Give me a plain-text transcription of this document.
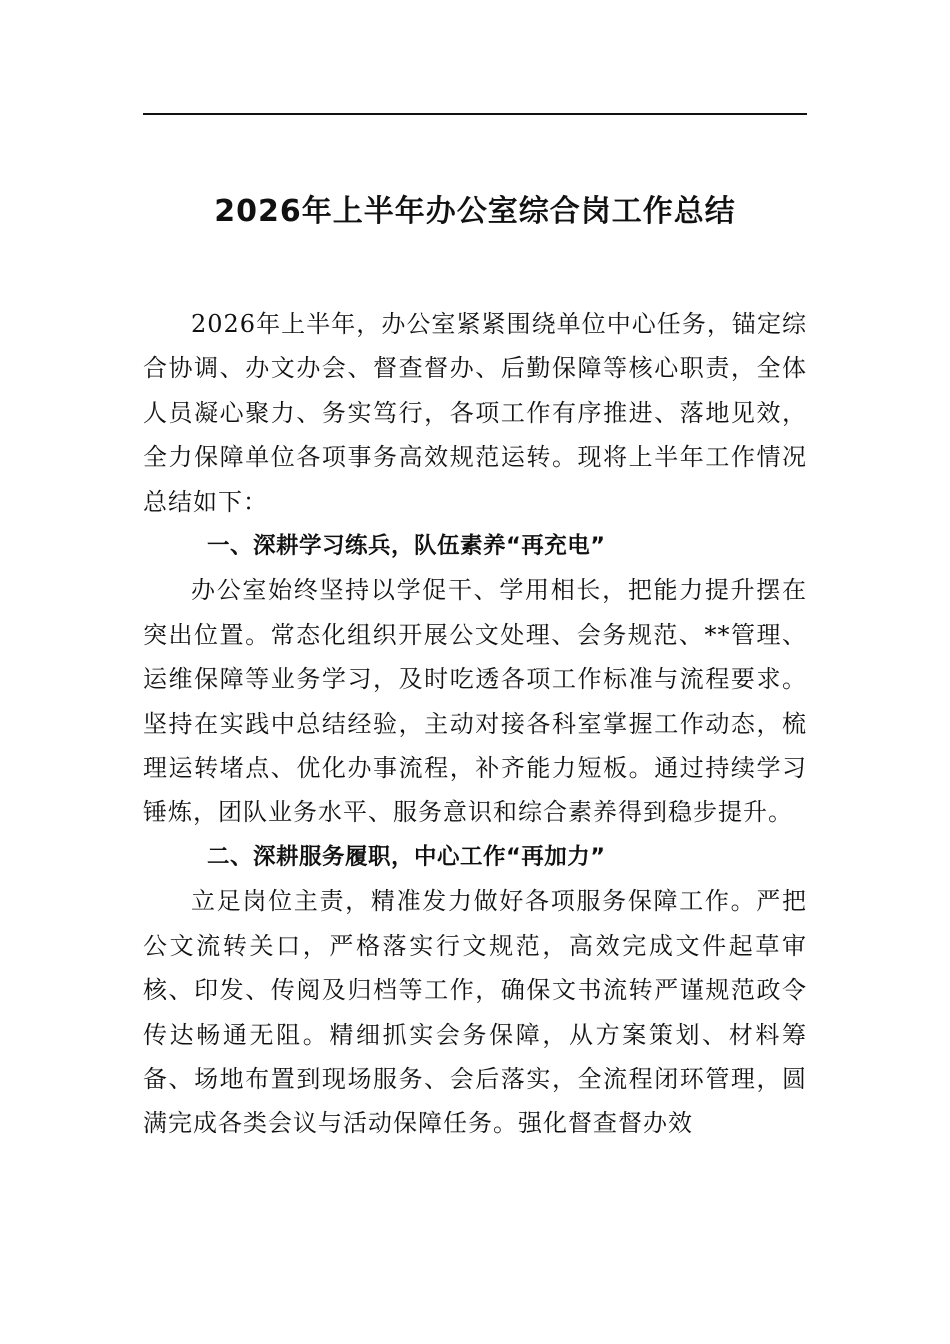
2026年上半年办公室综合岗工作总结

2026年上半年，办公室紧紧围绕单位中心任务，锚定综合协调、办文办会、督查督办、后勤保障等核心职责，全体人员凝心聚力、务实笃行，各项工作有序推进、落地见效，全力保障单位各项事务高效规范运转。现将上半年工作情况总结如下：

一、深耕学习练兵，队伍素养“再充电”

办公室始终坚持以学促干、学用相长，把能力提升摆在突出位置。常态化组织开展公文处理、会务规范、**管理、运维保障等业务学习，及时吃透各项工作标准与流程要求。坚持在实践中总结经验，主动对接各科室掌握工作动态，梳理运转堵点、优化办事流程，补齐能力短板。通过持续学习锤炼，团队业务水平、服务意识和综合素养得到稳步提升。

二、深耕服务履职，中心工作“再加力”

立足岗位主责，精准发力做好各项服务保障工作。严把公文流转关口，严格落实行文规范，高效完成文件起草审核、印发、传阅及归档等工作，确保文书流转严谨规范政令传达畅通无阻。精细抓实会务保障，从方案策划、材料筹备、场地布置到现场服务、会后落实，全流程闭环管理，圆满完成各类会议与活动保障任务。强化督查督办效
